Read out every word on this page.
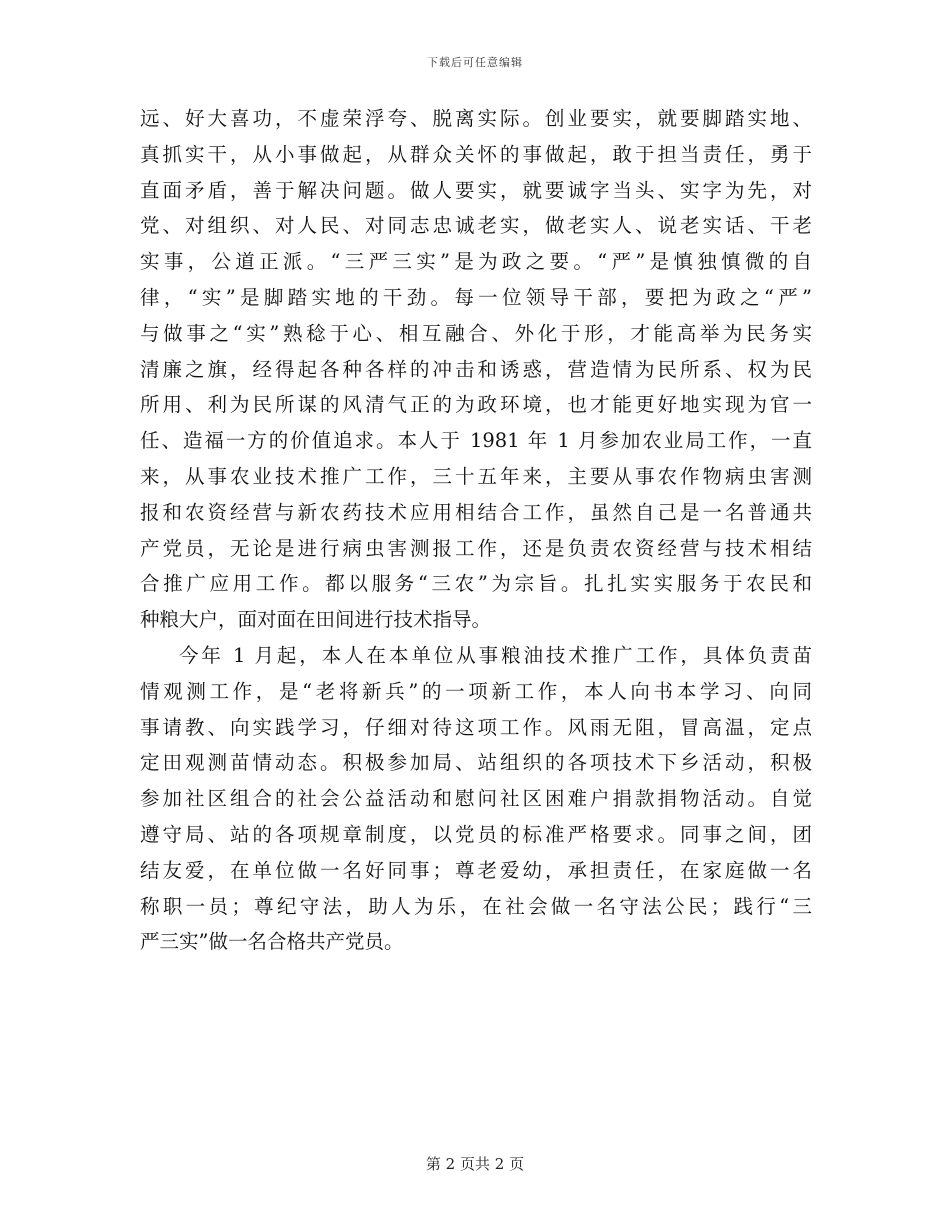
下载后可任意编辑
远、好大喜功，不虚荣浮夸、脱离实际。创业要实，就要脚踏实地、
真抓实干，从小事做起，从群众关怀的事做起，敢于担当责任，勇于
直面矛盾，善于解决问题。做人要实，就要诚字当头、实字为先，对
党、对组织、对人民、对同志忠诚老实，做老实人、说老实话、干老
实事，公道正派。“三严三实”是为政之要。“严”是慎独慎微的自
律，“实”是脚踏实地的干劲。每一位领导干部，要把为政之“严”
与做事之“实”熟稔于心、相互融合、外化于形，才能高举为民务实
清廉之旗，经得起各种各样的冲击和诱惑，营造情为民所系、权为民
所用、利为民所谋的风清气正的为政环境，也才能更好地实现为官一
任、造福一方的价值追求。本人于 1981 年 1 月参加农业局工作，一直
来，从事农业技术推广工作，三十五年来，主要从事农作物病虫害测
报和农资经营与新农药技术应用相结合工作，虽然自己是一名普通共
产党员，无论是进行病虫害测报工作，还是负责农资经营与技术相结
合推广应用工作。都以服务“三农”为宗旨。扎扎实实服务于农民和
种粮大户，面对面在田间进行技术指导。
今年 1 月起，本人在本单位从事粮油技术推广工作，具体负责苗
情观测工作，是“老将新兵”的一项新工作，本人向书本学习、向同
事请教、向实践学习，仔细对待这项工作。风雨无阻，冒高温，定点
定田观测苗情动态。积极参加局、站组织的各项技术下乡活动，积极
参加社区组合的社会公益活动和慰问社区困难户捐款捐物活动。自觉
遵守局、站的各项规章制度，以党员的标准严格要求。同事之间，团
结友爱，在单位做一名好同事；尊老爱幼，承担责任，在家庭做一名
称职一员；尊纪守法，助人为乐，在社会做一名守法公民；践行“三
严三实”做一名合格共产党员。
第 2 页共 2 页
